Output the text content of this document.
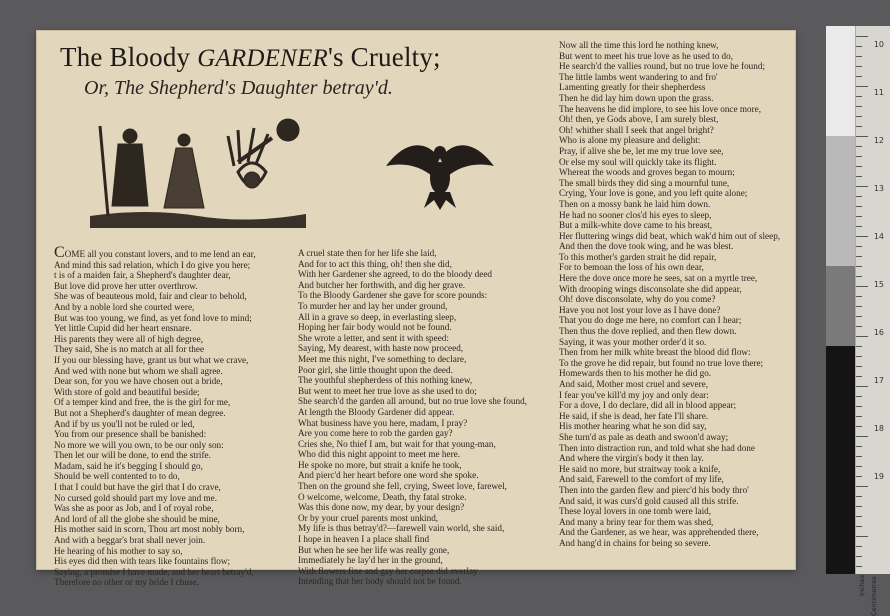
The Bloody GARDENER's Cruelty;
Or, The Shepherd's Daughter betray'd.
COME all you constant lovers, and to me lend an ear,
And mind this sad relation, which I do give you here;
t is of a maiden fair, a Shepherd's daughter dear,
But love did prove her utter overthrow.
She was of beauteous mold, fair and clear to behold,
And by a noble lord she courted were,
But was too young, we find, as yet fond love to mind;
Yet little Cupid did her heart ensnare.
His parents they were all of high degree,
They said, She is no match at all for thee
If you our blessing have, grant us but what we crave,
And wed with none but whom we shall agree.
Dear son, for you we have chosen out a bride,
With store of gold and beautiful beside;
Of a temper kind and free, the is the girl for me,
But not a Shepherd's daughter of mean degree.
And if by us you'll not be ruled or led,
You from our presence shall be banished:
No more we will you own, to be our only son:
Then let our will be done, to end the strife.
Madam, said he it's begging I should go,
Should be well contented to to do,
I that I could but have the girl that I do crave,
No cursed gold should part my love and me.
Was she as poor as Job, and I of royal robe,
And lord of all the globe she should be mine,
His mother said in scorn, Thou art most nobly born,
And with a beggar's brat shall never join.
He hearing of his mother to say so,
His eyes did then with tears like fountains flow;
Saying, a promise I have made, and her heart betray'd,
Therefore no other or my bride I chuse.
A cruel state then for her life she laid,
And for to act this thing, oh! then she did,
With her Gardener she agreed, to do the bloody deed
And butcher her forthwith, and dig her grave.
To the Bloody Gardener she gave for score pounds:
To murder her and lay her under ground,
All in a grave so deep, in everlasting sleep,
Hoping her fair body would not be found.
She wrote a letter, and sent it with speed:
Saying, My dearest, with haste now proceed,
Meet me this night, I've something to declare,
Poor girl, she little thought upon the deed.
The youthful shepherdess of this nothing knew,
But went to meet her true love as she used to do;
She search'd the garden all around, but no true love she found,
At length the Bloody Gardener did appear.
What business have you here, madam, I pray?
Are you come here to rob the garden gay?
Cries she, No thief I am, but wait for that young-man,
Who did this night appoint to meet me here.
He spoke no more, but strait a knife he took,
And pierc'd her heart before one word she spoke.
Then on the ground she fell, crying, Sweet love, farewel,
O welcome, welcome, Death, thy fatal stroke.
Was this done now, my dear, by your design?
Or by your cruel parents most unkind,
My life is thus betray'd?—farewell vain world, she said,
I hope in heaven I a place shall find
But when he see her life was really gone,
Immediately he lay'd her in the ground,
With flowers fine and gay her corpse did overlay
Intending that her body should not be found.
Now all the time this lord he nothing knew,
But went to meet his true love as he used to do,
He search'd the vallies round, but no true love he found;
The little lambs went wandering to and fro'
Lamenting greatly for their shepherdess
Then he did lay him down upon the grass.
The heavens he did implore, to see his love once more,
Oh! then, ye Gods above, I am surely blest,
Oh! whither shall I seek that angel bright?
Who is alone my pleasure and delight:
Pray, if alive she be, let me my true love see,
Or else my soul will quickly take its flight.
Whereat the woods and groves began to mourn;
The small birds they did sing a mournful tune,
Crying, Your love is gone, and you left quite alone;
Then on a mossy bank he laid him down.
He had no sooner clos'd his eyes to sleep,
But a milk-white dove came to his breast,
Her fluttering wings did beat, which wak'd him out of sleep,
And then the dove took wing, and he was blest.
To this mother's garden strait he did repair,
For to bemoan the loss of his own dear,
Here the dove once more he sees, sat on a myrtle tree,
With drooping wings disconsolate she did appear,
Oh! dove disconsolate, why do you come?
Have you not lost your love as I have done?
That you do doge me here, no comfort can I hear;
Then thus the dove replied, and then flew down.
Saying, it was your mother order'd it so.
Then from her milk white breast the blood did flow:
To the grove he did repair, but found no true love there;
Homewards then to his mother he did go.
And said, Mother most cruel and severe,
I fear you've kill'd my joy and only dear:
For a dove, I do declare, did all in blood appear;
He said, if she is dead, her fate I'll share.
His mother hearing what he son did say,
She turn'd as pale as death and swoon'd away;
Then into distraction run, and told what she had done
And where the virgin's body it then lay.
He said no more, but straitway took a knife,
And said, Farewell to the comfort of my life,
Then into the garden flew and pierc'd his body thro'
And said, it was curs'd gold caused all this strife.
These loyal lovers in one tomb were laid,
And many a briny tear for them was shed,
And the Gardener, as we hear, was apprehended there,
And hang'd in chains for being so severe.
Inches Centimetres
10
11
12
13
14
15
16
17
18
19
